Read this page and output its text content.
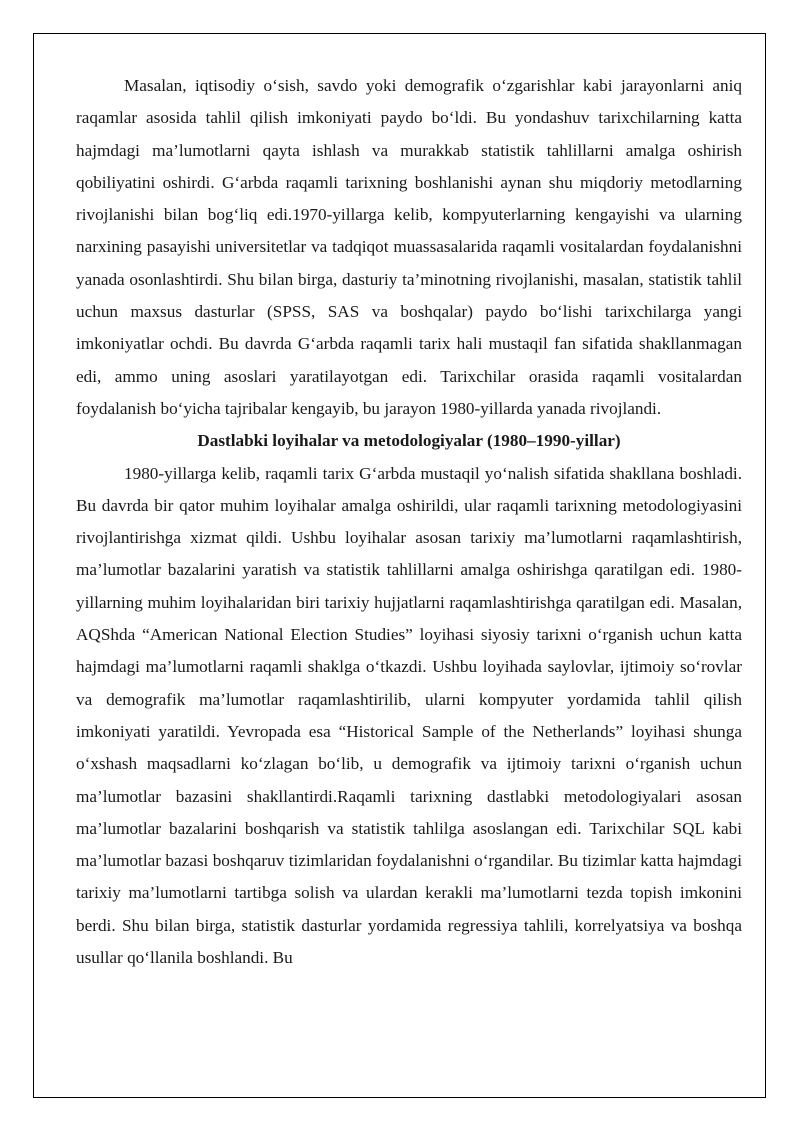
Masalan, iqtisodiy o‘sish, savdo yoki demografik o‘zgarishlar kabi jarayonlarni aniq raqamlar asosida tahlil qilish imkoniyati paydo bo‘ldi. Bu yondashuv tarixchilarning katta hajmdagi ma’lumotlarni qayta ishlash va murakkab statistik tahlillarni amalga oshirish qobiliyatini oshirdi. G‘arbda raqamli tarixning boshlanishi aynan shu miqdoriy metodlarning rivojlanishi bilan bog‘liq edi.1970-yillarga kelib, kompyuterlarning kengayishi va ularning narxining pasayishi universitetlar va tadqiqot muassasalarida raqamli vositalardan foydalanishni yanada osonlashtirdi. Shu bilan birga, dasturiy ta’minotning rivojlanishi, masalan, statistik tahlil uchun maxsus dasturlar (SPSS, SAS va boshqalar) paydo bo‘lishi tarixchilarga yangi imkoniyatlar ochdi. Bu davrda G‘arbda raqamli tarix hali mustaqil fan sifatida shakllanmagan edi, ammo uning asoslari yaratilayotgan edi. Tarixchilar orasida raqamli vositalardan foydalanish bo‘yicha tajribalar kengayib, bu jarayon 1980-yillarda yanada rivojlandi.

Dastlabki loyihalar va metodologiyalar (1980–1990-yillar)

1980-yillarga kelib, raqamli tarix G‘arbda mustaqil yo‘nalish sifatida shakllana boshladi. Bu davrda bir qator muhim loyihalar amalga oshirildi, ular raqamli tarixning metodologiyasini rivojlantirishga xizmat qildi. Ushbu loyihalar asosan tarixiy ma’lumotlarni raqamlashtirish, ma’lumotlar bazalarini yaratish va statistik tahlillarni amalga oshirishga qaratilgan edi. 1980-yillarning muhim loyihalaridan biri tarixiy hujjatlarni raqamlashtirishga qaratilgan edi. Masalan, AQShda “American National Election Studies” loyihasi siyosiy tarixni o‘rganish uchun katta hajmdagi ma’lumotlarni raqamli shaklga o‘tkazdi. Ushbu loyihada saylovlar, ijtimoiy so‘rovlar va demografik ma’lumotlar raqamlashtirilib, ularni kompyuter yordamida tahlil qilish imkoniyati yaratildi. Yevropada esa “Historical Sample of the Netherlands” loyihasi shunga o‘xshash maqsadlarni ko‘zlagan bo‘lib, u demografik va ijtimoiy tarixni o‘rganish uchun ma’lumotlar bazasini shakllantirdi.Raqamli tarixning dastlabki metodologiyalari asosan ma’lumotlar bazalarini boshqarish va statistik tahlilga asoslangan edi. Tarixchilar SQL kabi ma’lumotlar bazasi boshqaruv tizimlaridan foydalanishni o‘rgandilar. Bu tizimlar katta hajmdagi tarixiy ma’lumotlarni tartibga solish va ulardan kerakli ma’lumotlarni tezda topish imkonini berdi. Shu bilan birga, statistik dasturlar yordamida regressiya tahlili, korrelyatsiya va boshqa usullar qo‘llanila boshlandi. Bu
